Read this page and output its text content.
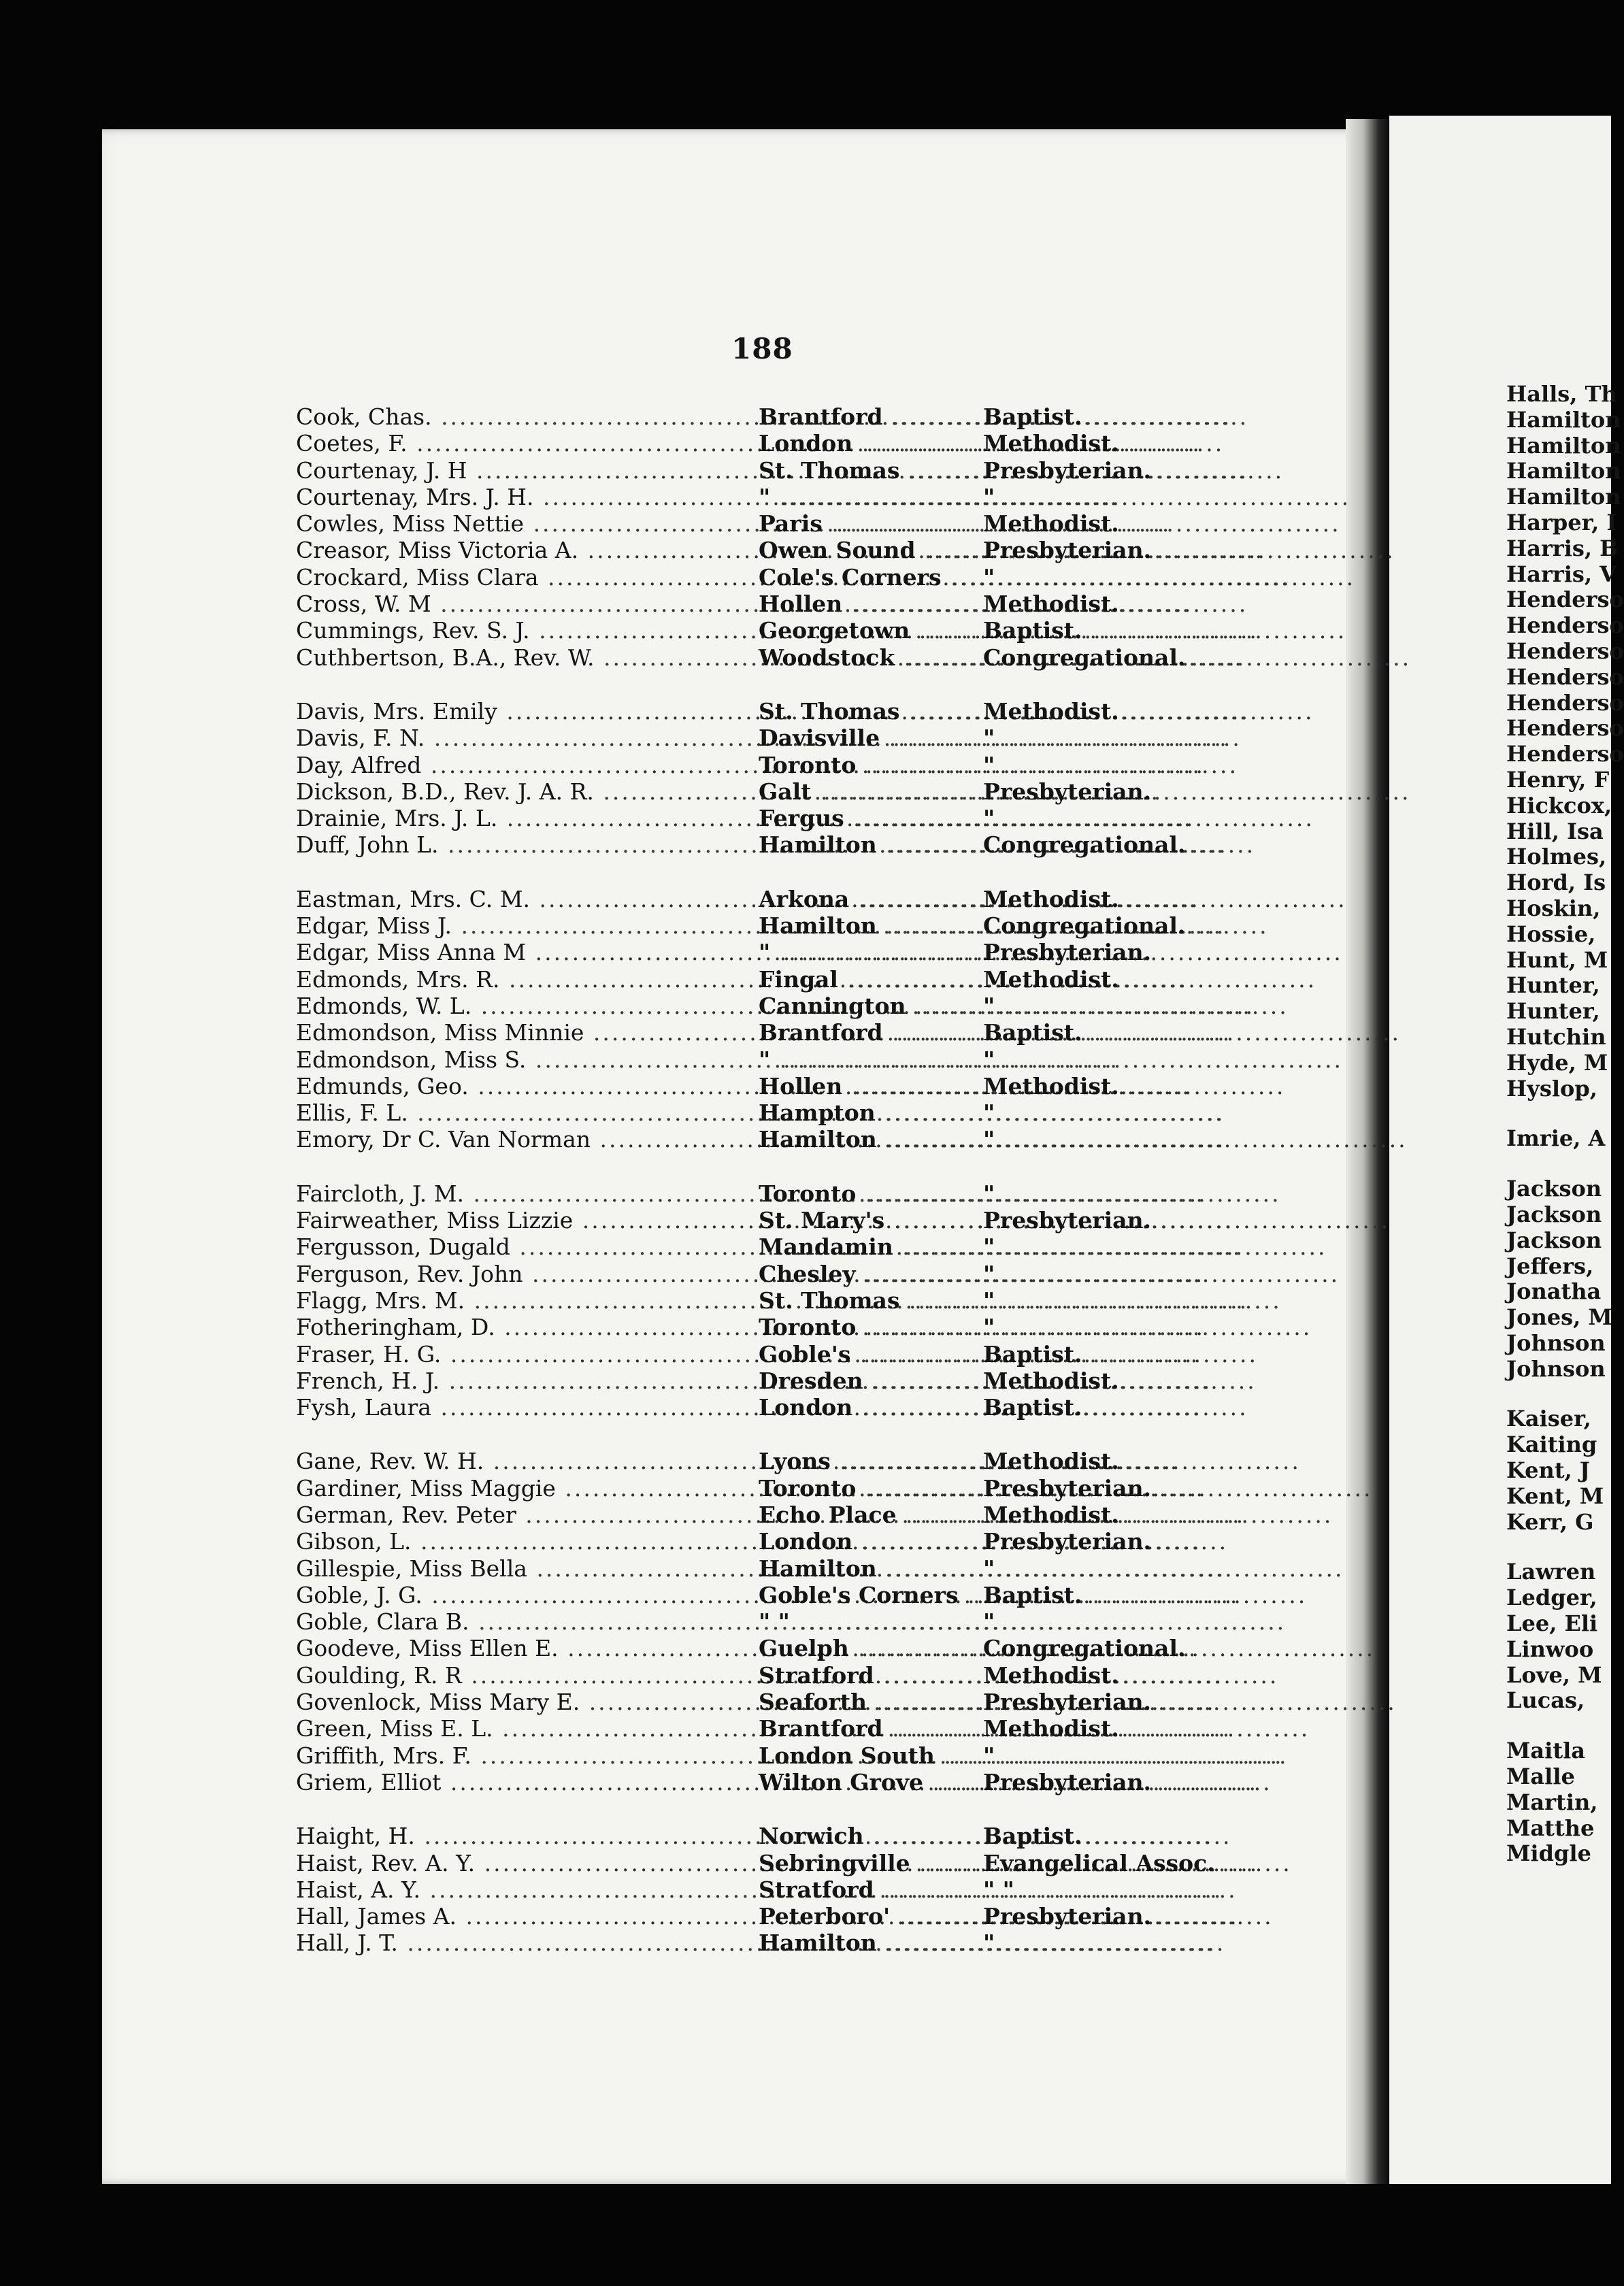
188
Cook, Chas. .....	Brantford .....	Baptist.
Coetes, F. .....	London .....	Methodist.
Courtenay, J. H .....	St. Thomas .....	Presbyterian.
Courtenay, Mrs. J. H. .....	" .....	"
Cowles, Miss Nettie .....	Paris .....	Methodist.
Creasor, Miss Victoria A. .....	Owen Sound .....	Presbyterian.
Crockard, Miss Clara .....	Cole's Corners .....	"
Cross, W. M .....	Hollen .....	Methodist.
Cummings, Rev. S. J. .....	Georgetown .....	Baptist.
Cuthbertson, B.A., Rev. W. .....	Woodstock .....	Congregational.
Davis, Mrs. Emily .....	St. Thomas .....	Methodist.
Davis, F. N. .....	Davisville .....	"
Day, Alfred .....	Toronto .....	"
Dickson, B.D., Rev. J. A. R. .....	Galt .....	Presbyterian.
Drainie, Mrs. J. L. .....	Fergus .....	"
Duff, John L. .....	Hamilton .....	Congregational.
Eastman, Mrs. C. M. .....	Arkona .....	Methodist.
Edgar, Miss J. .....	Hamilton .....	Congregational.
Edgar, Miss Anna M .....	" .....	Presbyterian.
Edmonds, Mrs. R. .....	Fingal .....	Methodist.
Edmonds, W. L. .....	Cannington .....	"
Edmondson, Miss Minnie .....	Brantford .....	Baptist.
Edmondson, Miss S. .....	" .....	"
Edmunds, Geo. .....	Hollen .....	Methodist.
Ellis, F. L. .....	Hampton .....	"
Emory, Dr C. Van Norman .....	Hamilton .....	"
Faircloth, J. M. .....	Toronto .....	"
Fairweather, Miss Lizzie .....	St. Mary's .....	Presbyterian.
Fergusson, Dugald .....	Mandamin .....	"
Ferguson, Rev. John .....	Chesley .....	"
Flagg, Mrs. M. .....	St. Thomas .....	"
Fotheringham, D. .....	Toronto .....	"
Fraser, H. G. .....	Goble's .....	Baptist.
French, H. J. .....	Dresden .....	Methodist.
Fysh, Laura .....	London .....	Baptist.
Gane, Rev. W. H. .....	Lyons .....	Methodist.
Gardiner, Miss Maggie .....	Toronto .....	Presbyterian.
German, Rev. Peter .....	Echo Place .....	Methodist.
Gibson, L. .....	London .....	Presbyterian.
Gillespie, Miss Bella .....	Hamilton .....	"
Goble, J. G. .....	Goble's Corners .....	Baptist.
Goble, Clara B. .....	" " .....	"
Goodeve, Miss Ellen E. .....	Guelph .....	Congregational.
Goulding, R. R .....	Stratford .....	Methodist.
Govenlock, Miss Mary E. .....	Seaforth .....	Presbyterian.
Green, Miss E. L. .....	Brantford .....	Methodist.
Griffith, Mrs. F. .....	London South .....	"
Griem, Elliot .....	Wilton Grove .....	Presbyterian.
Haight, H. .....	Norwich .....	Baptist.
Haist, Rev. A. Y. .....	Sebringville .....	Evangelical Assoc.
Haist, A. Y. .....	Stratford .....	" "
Hall, James A. .....	Peterboro' .....	Presbyterian.
Hall, J. T. .....	Hamilton .....	"
Halls, Th
Hamilton
Hamilton
Hamilton
Hamilton
Harper, I
Harris, B
Harris, V
Henderso
Henderso
Henderso
Henderso
Henderso
Henderso
Henderso
Henry, F
Hickcox,
Hill, Isa
Holmes,
Hord, Is
Hoskin,
Hossie,
Hunt, M
Hunter,
Hunter,
Hutchin
Hyde, M
Hyslop,
Imrie, A
Jackson
Jackson
Jackson
Jeffers,
Jonatha
Jones, M
Johnson
Johnson
Kaiser,
Kaiting
Kent, J
Kent, M
Kerr, G
Lawren
Ledger,
Lee, Eli
Linwoo
Love, M
Lucas,
Maitla
Malle
Martin,
Matthe
Midgle
